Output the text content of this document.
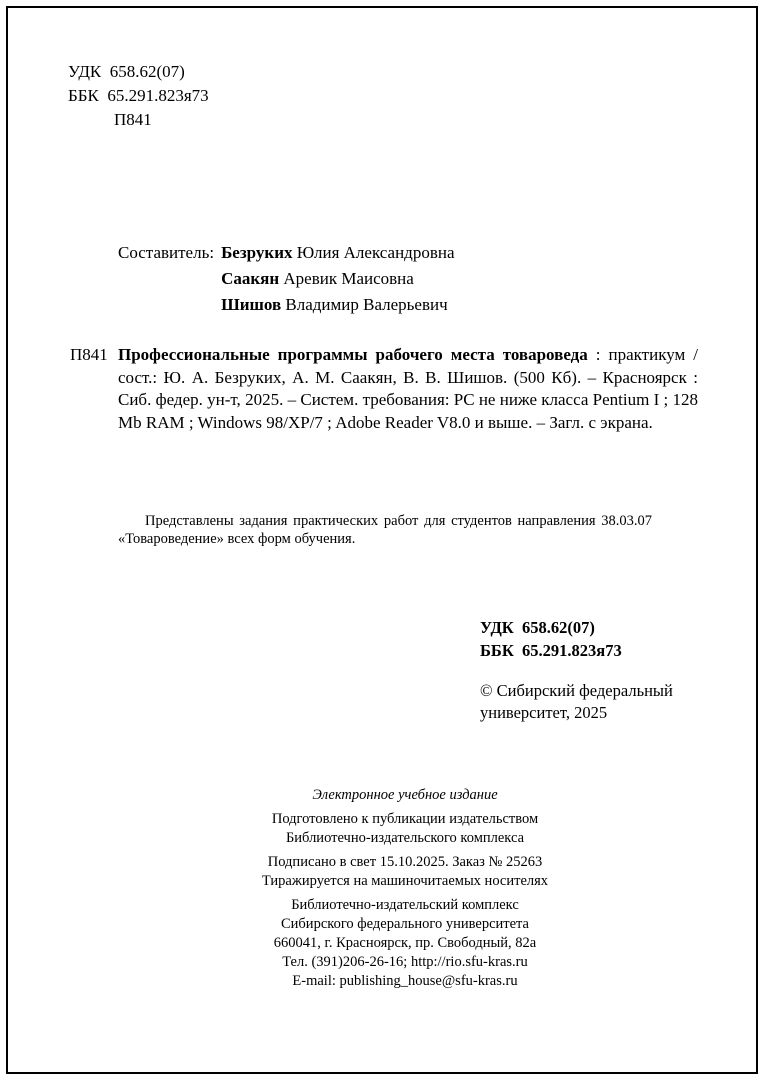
УДК  658.62(07)
ББК  65.291.823я73
П841
Составитель: Безруких Юлия Александровна
Саакян Аревик Маисовна
Шишов Владимир Валерьевич
П841 Профессиональные программы рабочего места товароведа : практикум / сост.: Ю. А. Безруких, А. М. Саакян, В. В. Шишов. (500 Кб). – Красноярск : Сиб. федер. ун-т, 2025. – Систем. требования: PC не ниже класса Pentium I ; 128 Mb RAM ; Windows 98/XP/7 ; Adobe Reader V8.0 и выше. – Загл. с экрана.

Представлены задания практических работ для студентов направления 38.03.07 «Товароведение» всех форм обучения.

УДК  658.62(07)
ББК  65.291.823я73
© Сибирский федеральный
университет, 2025
Электронное учебное издание
Подготовлено к публикации издательством
Библиотечно-издательского комплекса
Подписано в свет 15.10.2025. Заказ № 25263
Тиражируется на машиночитаемых носителях
Библиотечно-издательский комплекс
Сибирского федерального университета
660041, г. Красноярск, пр. Свободный, 82а
Тел. (391)206-26-16; http://rio.sfu-kras.ru
E-mail: publishing_house@sfu-kras.ru
